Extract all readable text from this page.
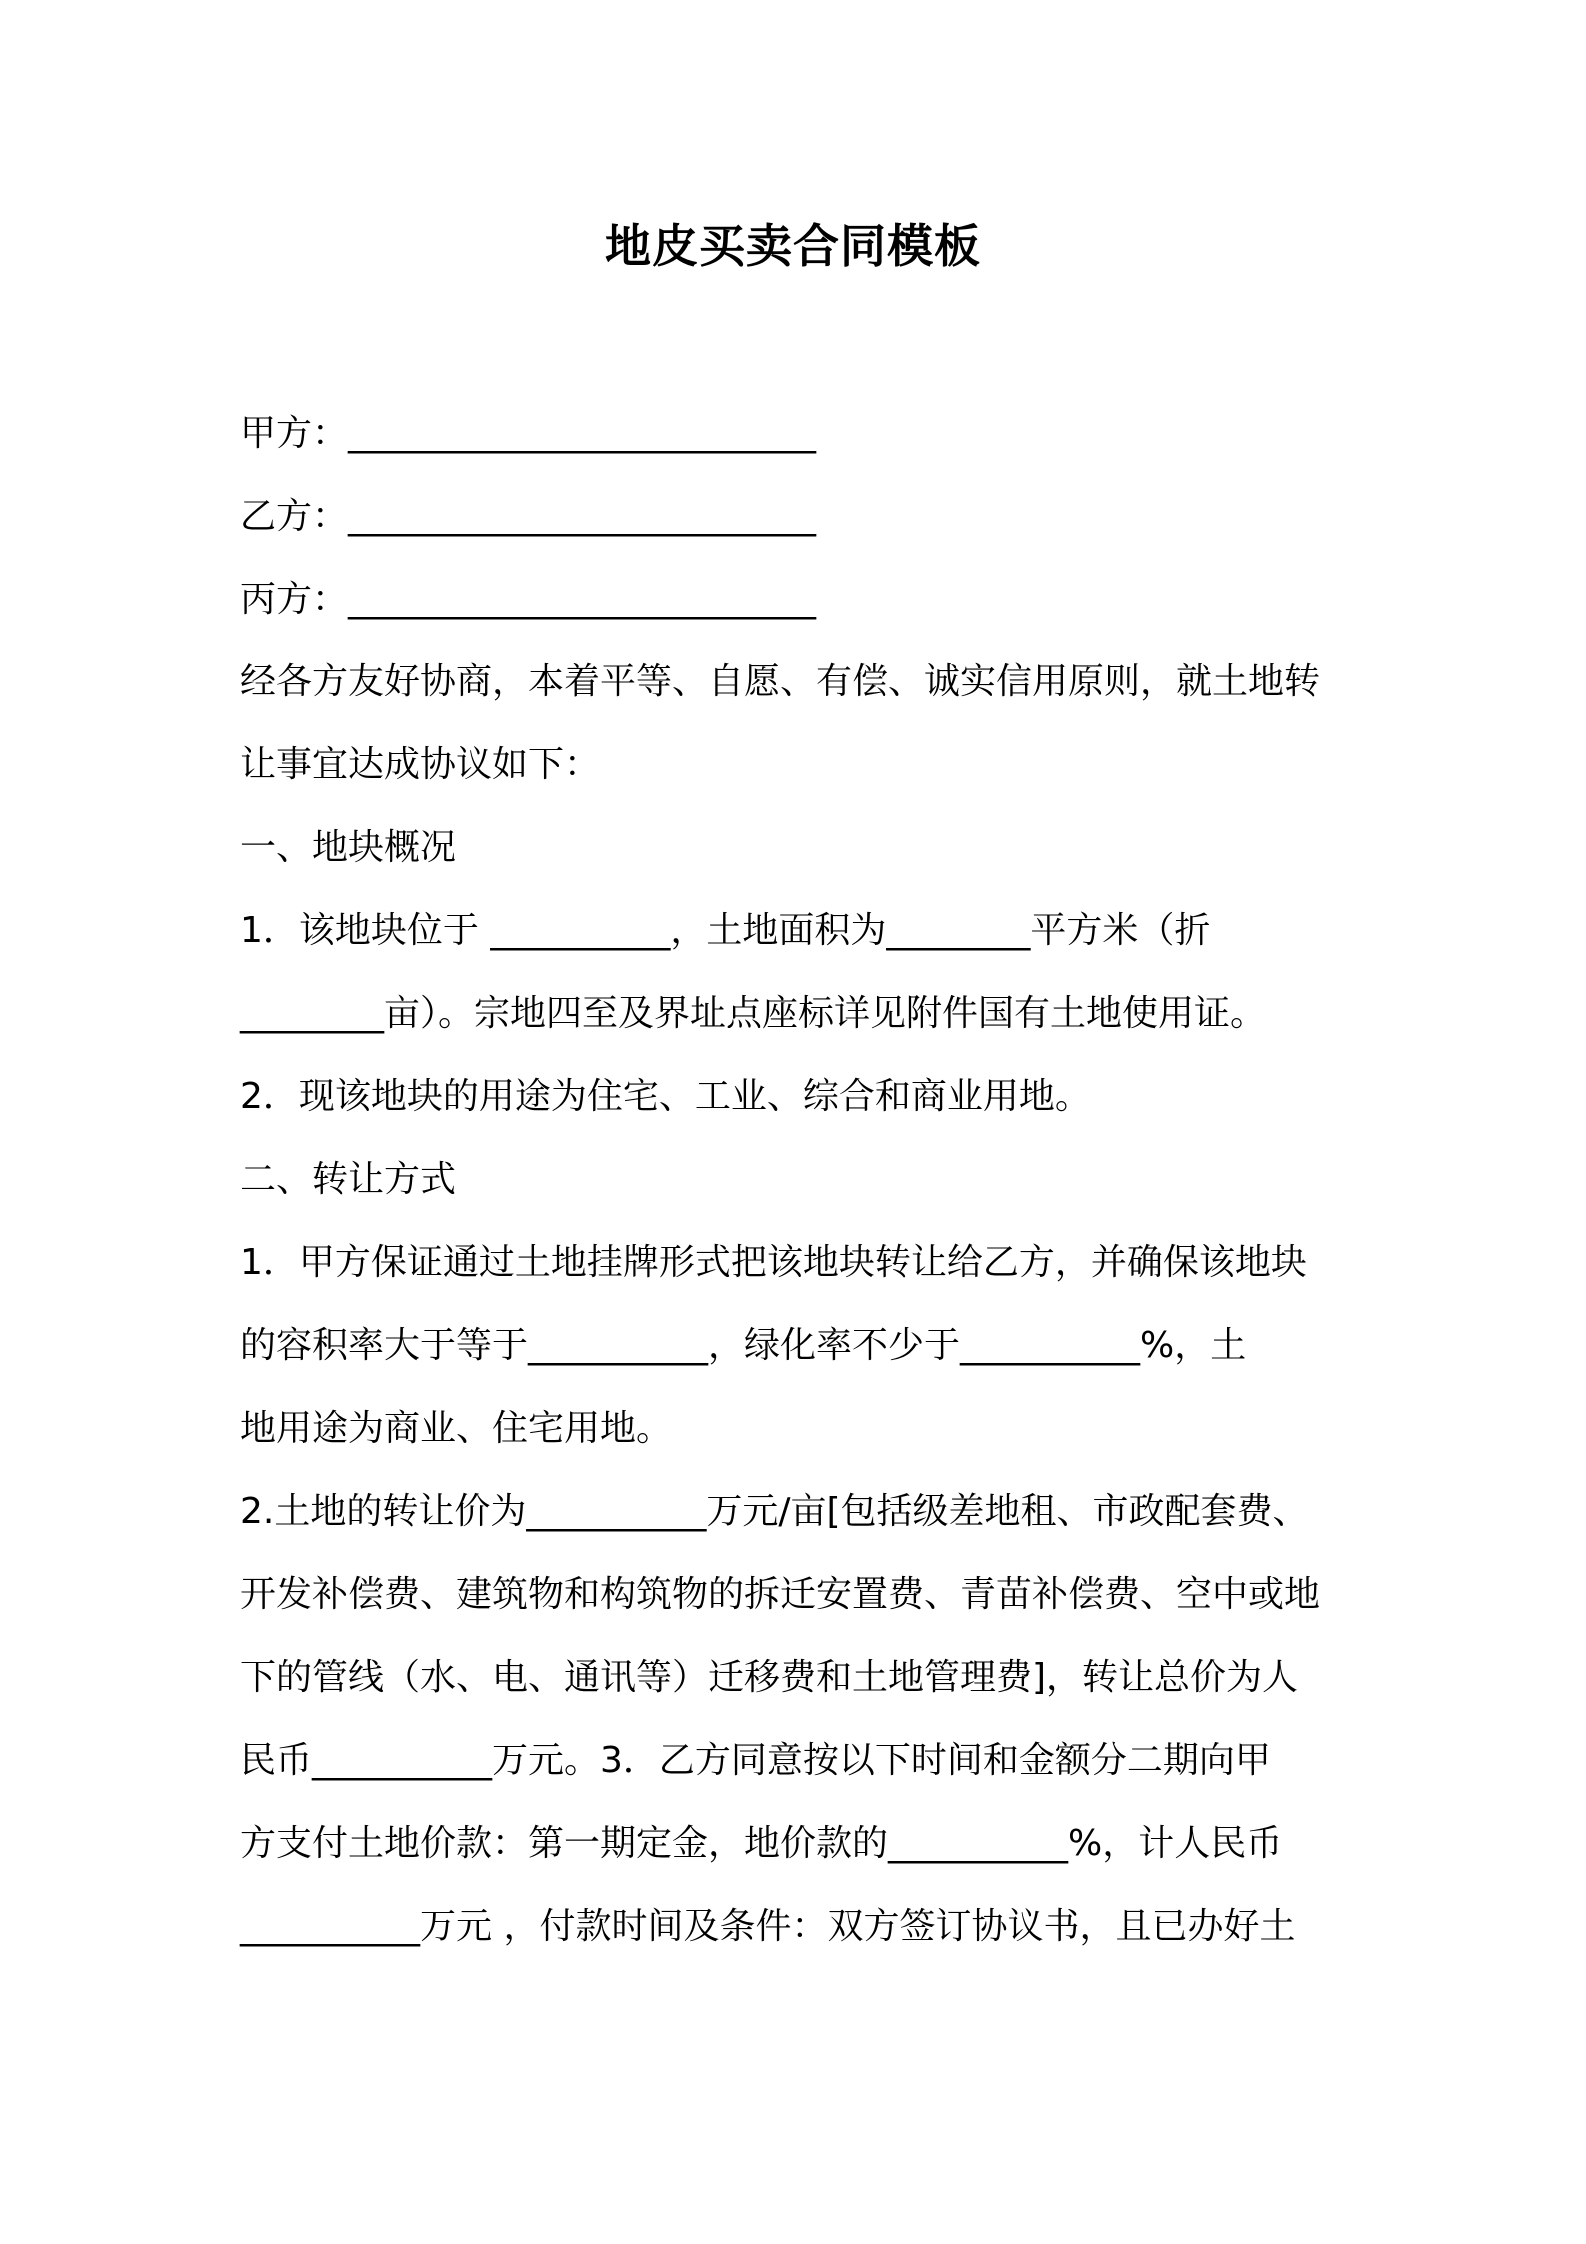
地皮买卖合同模板
甲方：__________________________
乙方：__________________________
丙方：__________________________
经各方友好协商，本着平等、自愿、有偿、诚实信用原则，就土地转
让事宜达成协议如下：
一、地块概况
1．该地块位于 __________，土地面积为________平方米（折
________亩）。宗地四至及界址点座标详见附件国有土地使用证。
2．现该地块的用途为住宅、工业、综合和商业用地。
二、转让方式
1．甲方保证通过土地挂牌形式把该地块转让给乙方，并确保该地块
的容积率大于等于__________，绿化率不少于__________%，土
地用途为商业、住宅用地。
2.土地的转让价为__________万元/亩[包括级差地租、市政配套费、
开发补偿费、建筑物和构筑物的拆迁安置费、青苗补偿费、空中或地
下的管线（水、电、通讯等）迁移费和土地管理费]，转让总价为人
民币__________万元。3．乙方同意按以下时间和金额分二期向甲
方支付土地价款：第一期定金，地价款的__________%，计人民币
__________万元 ，付款时间及条件：双方签订协议书，且已办好土
